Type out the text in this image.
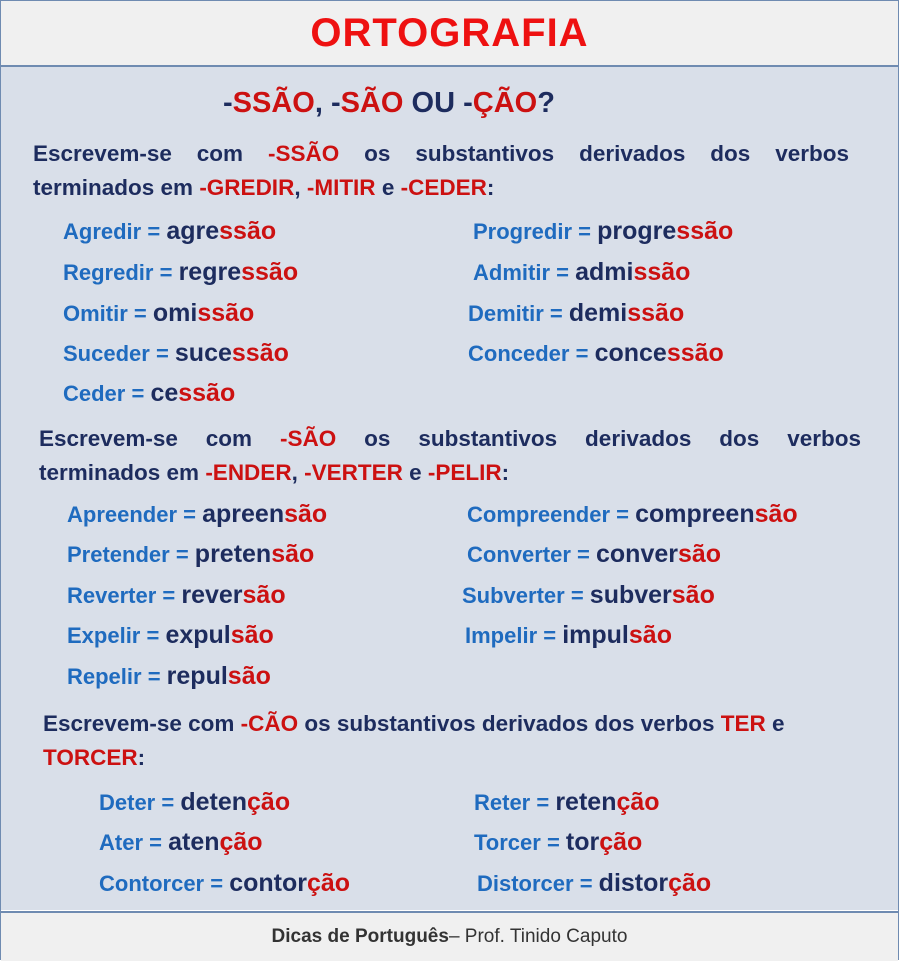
ORTOGRAFIA
-SSÃO, -SÃO OU -ÇÃO?
Escrevem-se com -SSÃO os substantivos derivados dos verbos
terminados em -GREDIR, -MITIR e -CEDER:
Agredir = agressão	Progredir = progressão
Regredir = regressão	Admitir = admissão
Omitir = omissão	Demitir = demissão
Suceder = sucessão	Conceder = concessão
Ceder = cessão
Escrevem-se com -SÃO os substantivos derivados dos verbos
terminados em -ENDER, -VERTER e -PELIR:
Apreender = apreensão	Compreender = compreensão
Pretender = pretensão	Converter = conversão
Reverter = reversão	Subverter = subversão
Expelir = expulsão	Impelir = impulsão
Repelir = repulsão
Escrevem-se com -CÃO os substantivos derivados dos verbos TER e
TORCER:
Deter = detenção	Reter = retenção
Ater = atenção	Torcer = torção
Contorcer = contorção	Distorcer = distorção
Dicas de Português – Prof. Tinido Caputo
